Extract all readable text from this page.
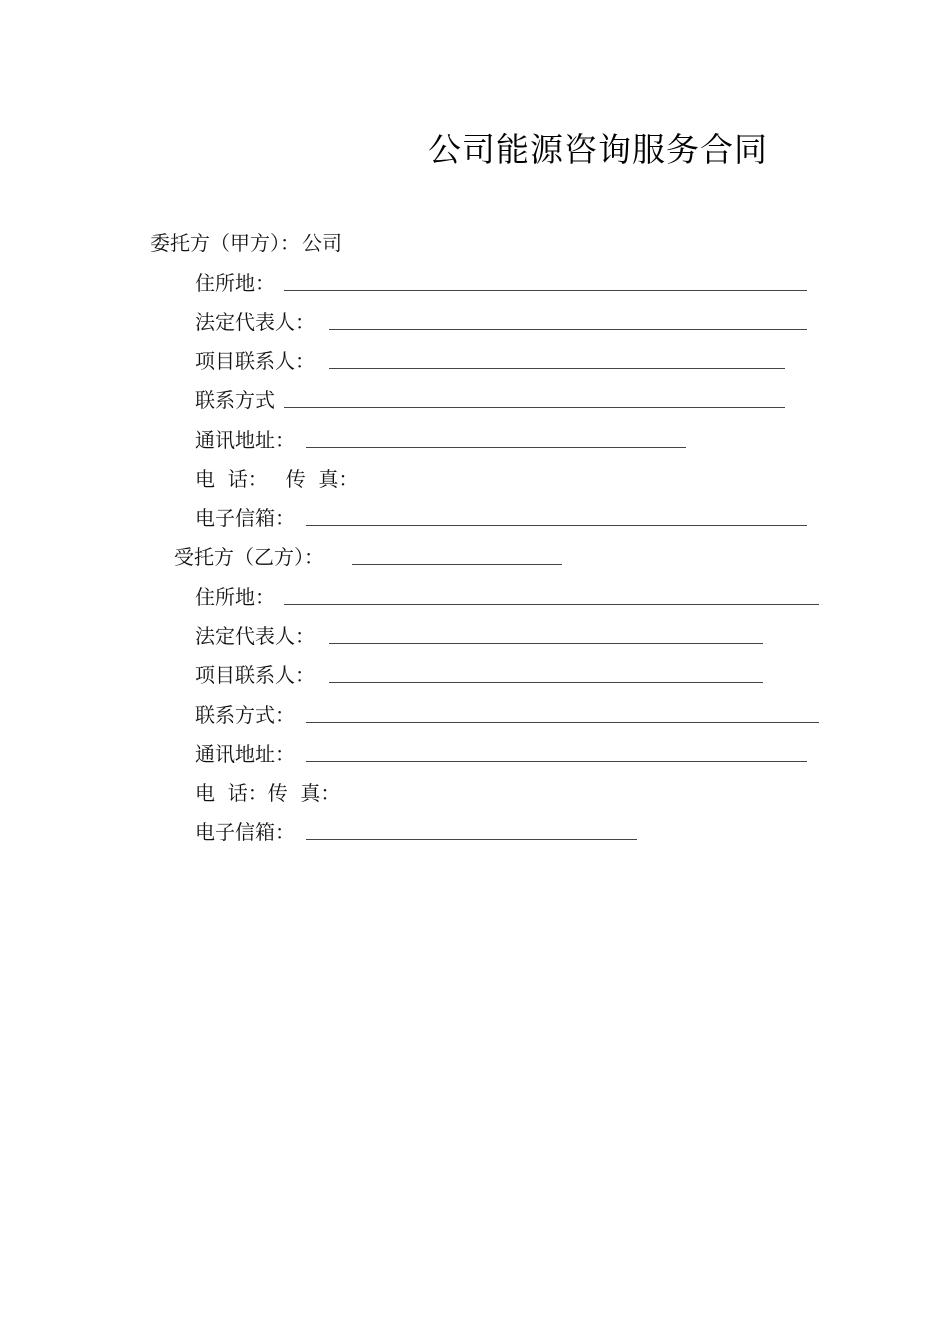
公司能源咨询服务合同
委托方（甲方）： 公司
住所地：
法定代表人：
项目联系人：
联系方式
通讯地址：
电  话： 传  真：
电子信箱：
受托方（乙方）：
住所地：
法定代表人：
项目联系人：
联系方式：
通讯地址：
电  话：传  真：
电子信箱：
